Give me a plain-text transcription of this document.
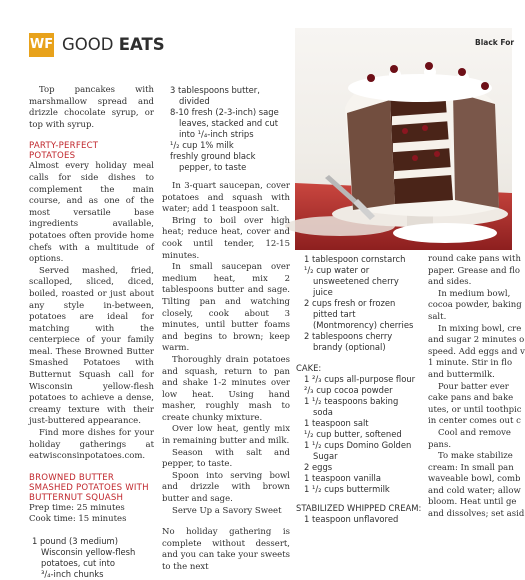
WF GOOD EATS	Black For

Top pancakes with marshmallow spread and drizzle chocolate syrup, or top with syrup.

PARTY-PERFECT
POTATOES

Almost every holiday meal calls for side dishes to complement the main course, and as one of the most versatile base ingredients available, potatoes often provide home chefs with a multitude of options.

Served mashed, fried, scalloped, sliced, diced, boiled, roasted or just about any style in-between, potatoes are ideal for matching with the centerpiece of your family meal. These Browned Butter Smashed Potatoes with Butternut Squash call for Wisconsin yellow-flesh potatoes to achieve a dense, creamy texture with their just-buttered appearance.

Find more dishes for your holiday gatherings at eatwisconsinpotatoes.com.

BROWNED BUTTER
SMASHED POTATOES WITH
BUTTERNUT SQUASH

Prep time: 25 minutes

Cook time: 15 minutes

1 pound (3 medium)
Wisconsin yellow-flesh
potatoes, cut into
³/₄-inch chunks
3 tablespoons butter,
divided
8-10 fresh (2-3-inch) sage
leaves, stacked and cut
into ¹/₄-inch strips
¹/₂ cup 1% milk
freshly ground black
pepper, to taste

In 3-quart saucepan, cover potatoes and squash with water; add 1 teaspoon salt.

Bring to boil over high heat; reduce heat, cover and cook until tender, 12-15 minutes.

In small saucepan over medium heat, mix 2 tablespoons butter and sage. Tilting pan and watching closely, cook about 3 minutes, until butter foams and begins to brown; keep warm.

Thoroughly drain potatoes and squash, return to pan and shake 1-2 minutes over low heat. Using hand masher, roughly mash to create chunky mixture.

Over low heat, gently mix in remaining butter and milk.

Season with salt and pepper, to taste.

Spoon into serving bowl and drizzle with brown butter and sage.

Serve Up a Savory Sweet

No holiday gathering is complete without dessert, and you can take your sweets to the next

1 tablespoon cornstarch
¹/₂ cup water or
unsweetened cherry
juice
2 cups fresh or frozen
pitted tart
(Montmorency) cherries
2 tablespoons cherry
brandy (optional)
CAKE:
1 ²/₃ cups all-purpose flour
²/₃ cup cocoa powder
1 ¹/₂ teaspoons baking
soda
1 teaspoon salt
¹/₂ cup butter, softened
1 ¹/₂ cups Domino Golden
Sugar
2 eggs
1 teaspoon vanilla
1 ¹/₂ cups buttermilk
STABILIZED WHIPPED CREAM:
1 teaspoon unflavored
round cake pans with
paper. Grease and flo
and sides.
In medium bowl,
cocoa powder, baking
salt.
In mixing bowl, cre
and sugar 2 minutes o
speed. Add eggs and v
1 minute. Stir in flo
and buttermilk.
Pour batter ever
cake pans and bake
utes, or until toothpic
in center comes out c
Cool and remove
pans.
To make stabilize
cream: In small pan
waveable bowl, comb
and cold water; allow
bloom. Heat until ge
and dissolves; set asid
